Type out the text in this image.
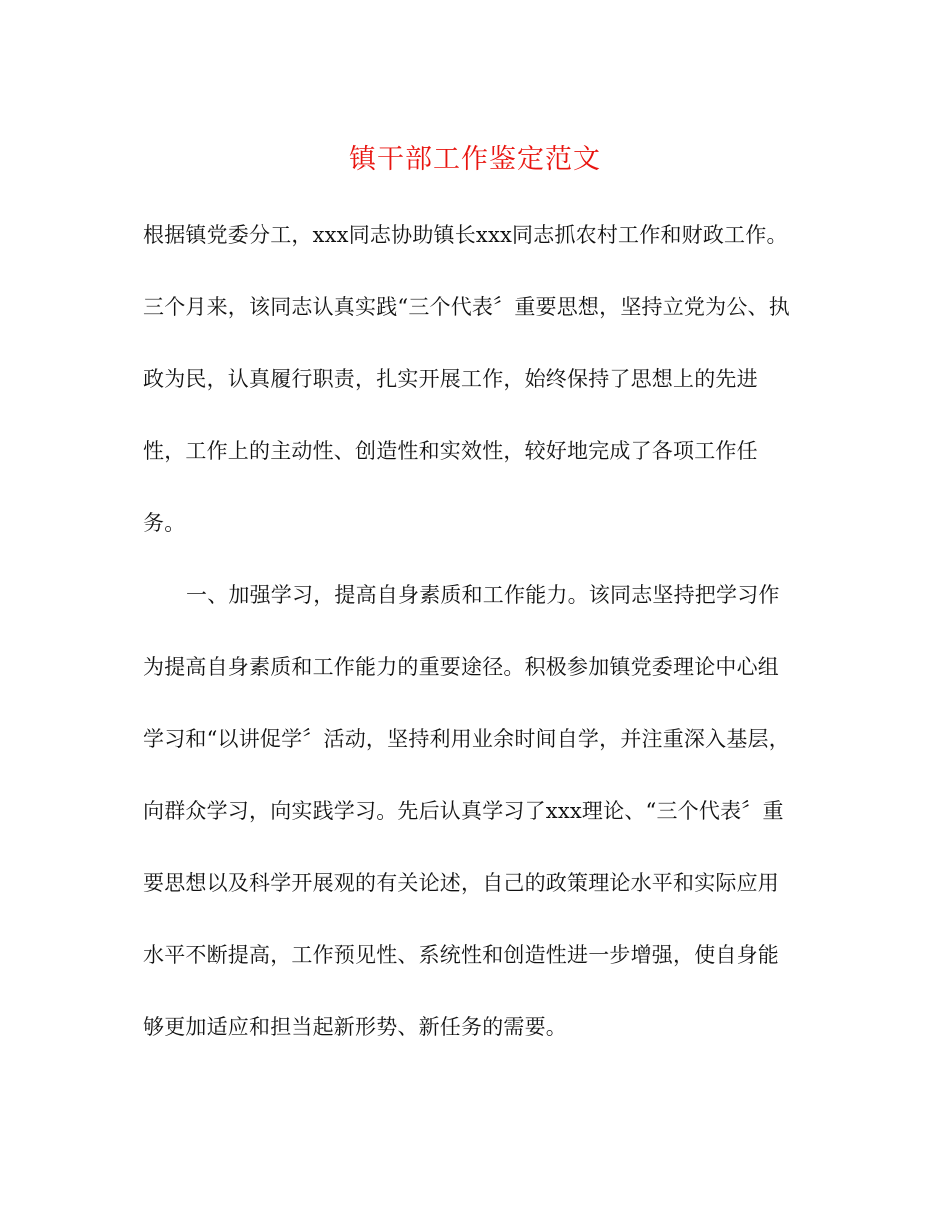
镇干部工作鉴定范文
根据镇党委分工，xxx同志协助镇长xxx同志抓农村工作和财政工作。
三个月来，该同志认真实践“三个代表〞重要思想，坚持立党为公、执
政为民，认真履行职责，扎实开展工作，始终保持了思想上的先进
性，工作上的主动性、创造性和实效性，较好地完成了各项工作任
务。
一、加强学习，提高自身素质和工作能力。该同志坚持把学习作
为提高自身素质和工作能力的重要途径。积极参加镇党委理论中心组
学习和“以讲促学〞活动，坚持利用业余时间自学，并注重深入基层，
向群众学习，向实践学习。先后认真学习了xxx理论、“三个代表〞重
要思想以及科学开展观的有关论述，自己的政策理论水平和实际应用
水平不断提高，工作预见性、系统性和创造性进一步增强，使自身能
够更加适应和担当起新形势、新任务的需要。
